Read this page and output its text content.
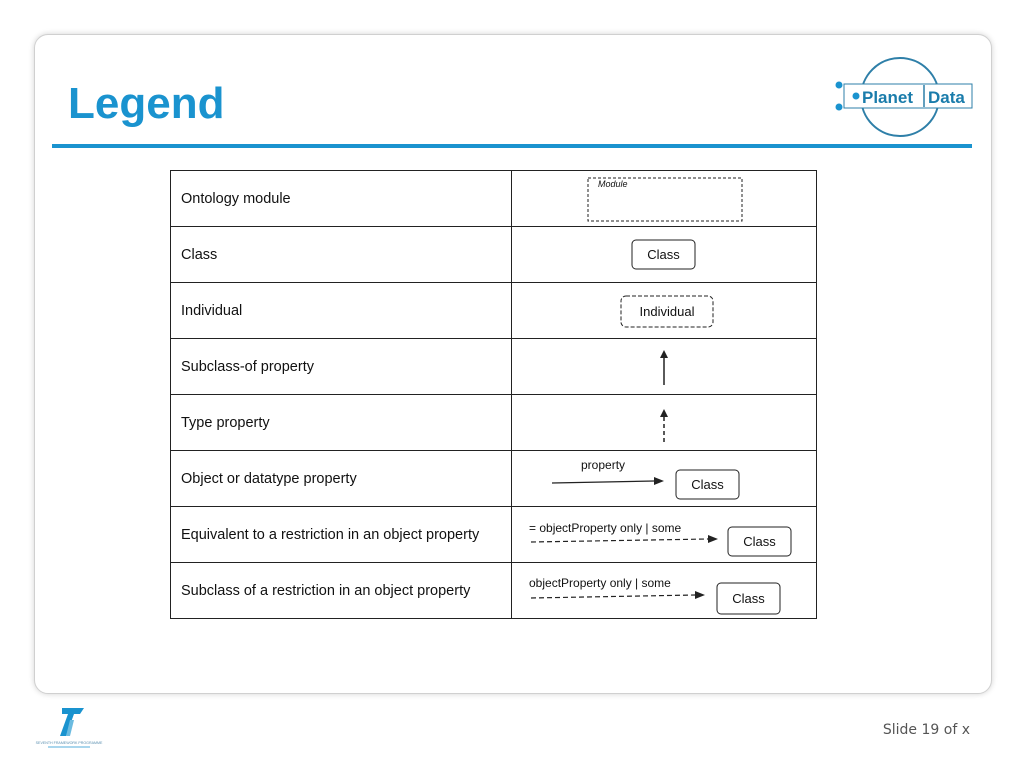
Legend	Planet Data
Ontology module	Module

Class	Class

Individual	Individual

Subclass-of property	

Type property	

Object or datatype property	property
Class

Equivalent to a restriction in an object property	= objectProperty only | some
Class

Subclass of a restriction in an object property	objectProperty only | some
Class
SEVENTH FRAMEWORK PROGRAMME
Slide 19 of x
